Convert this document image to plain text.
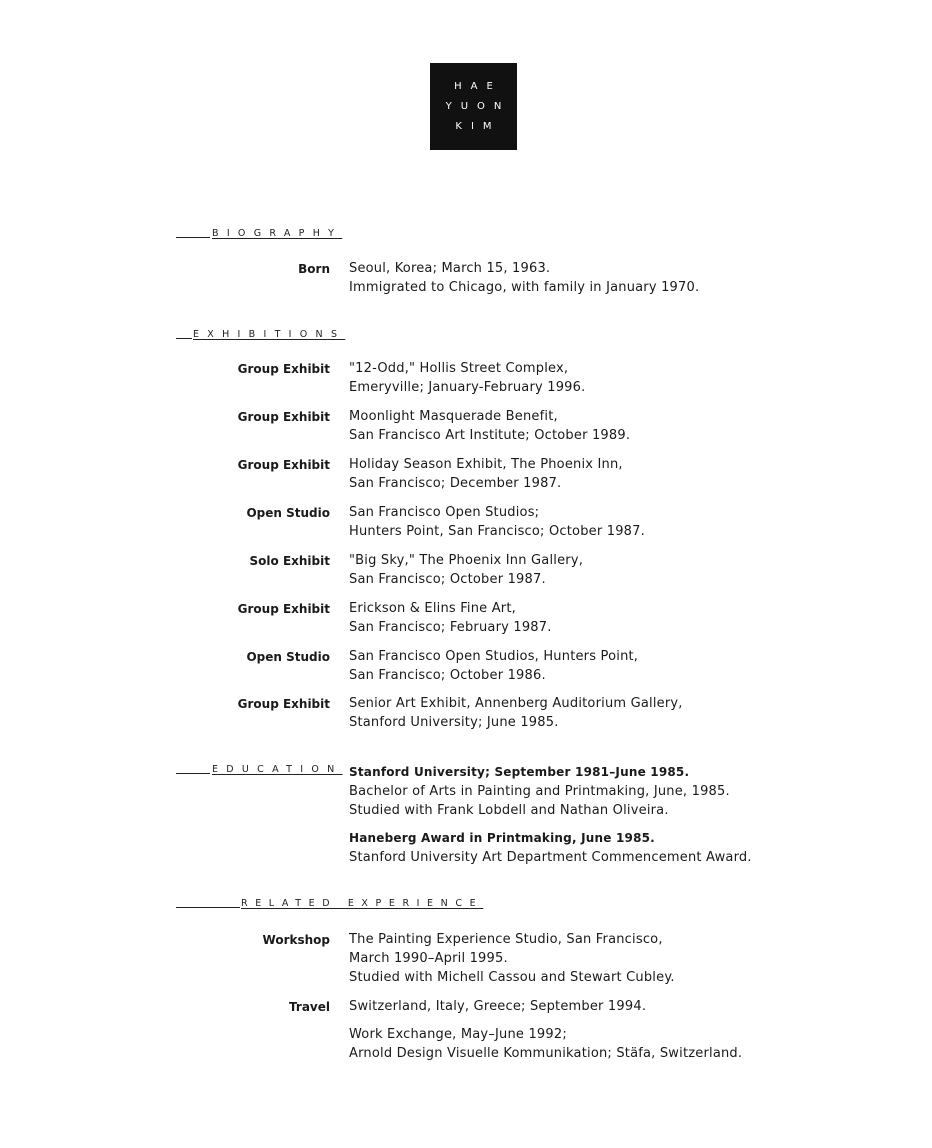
HAE
YUON
KIM
BIOGRAPHY
Born Seoul, Korea; March 15, 1963.
Immigrated to Chicago, with family in January 1970.
EXHIBITIONS
Group Exhibit "12-Odd," Hollis Street Complex,
Emeryville; January-February 1996.
Group Exhibit Moonlight Masquerade Benefit,
San Francisco Art Institute; October 1989.
Group Exhibit Holiday Season Exhibit, The Phoenix Inn,
San Francisco; December 1987.
Open Studio San Francisco Open Studios;
Hunters Point, San Francisco; October 1987.
Solo Exhibit "Big Sky," The Phoenix Inn Gallery,
San Francisco; October 1987.
Group Exhibit Erickson & Elins Fine Art,
San Francisco; February 1987.
Open Studio San Francisco Open Studios, Hunters Point,
San Francisco; October 1986.
Group Exhibit Senior Art Exhibit, Annenberg Auditorium Gallery,
Stanford University; June 1985.
EDUCATION Stanford University; September 1981–June 1985.
Bachelor of Arts in Painting and Printmaking, June, 1985.
Studied with Frank Lobdell and Nathan Oliveira.
Haneberg Award in Printmaking, June 1985.
Stanford University Art Department Commencement Award.
RELATED EXPERIENCE
Workshop The Painting Experience Studio, San Francisco,
March 1990–April 1995.
Studied with Michell Cassou and Stewart Cubley.
Travel Switzerland, Italy, Greece; September 1994.
Work Exchange, May–June 1992;
Arnold Design Visuelle Kommunikation; Stäfa, Switzerland.
